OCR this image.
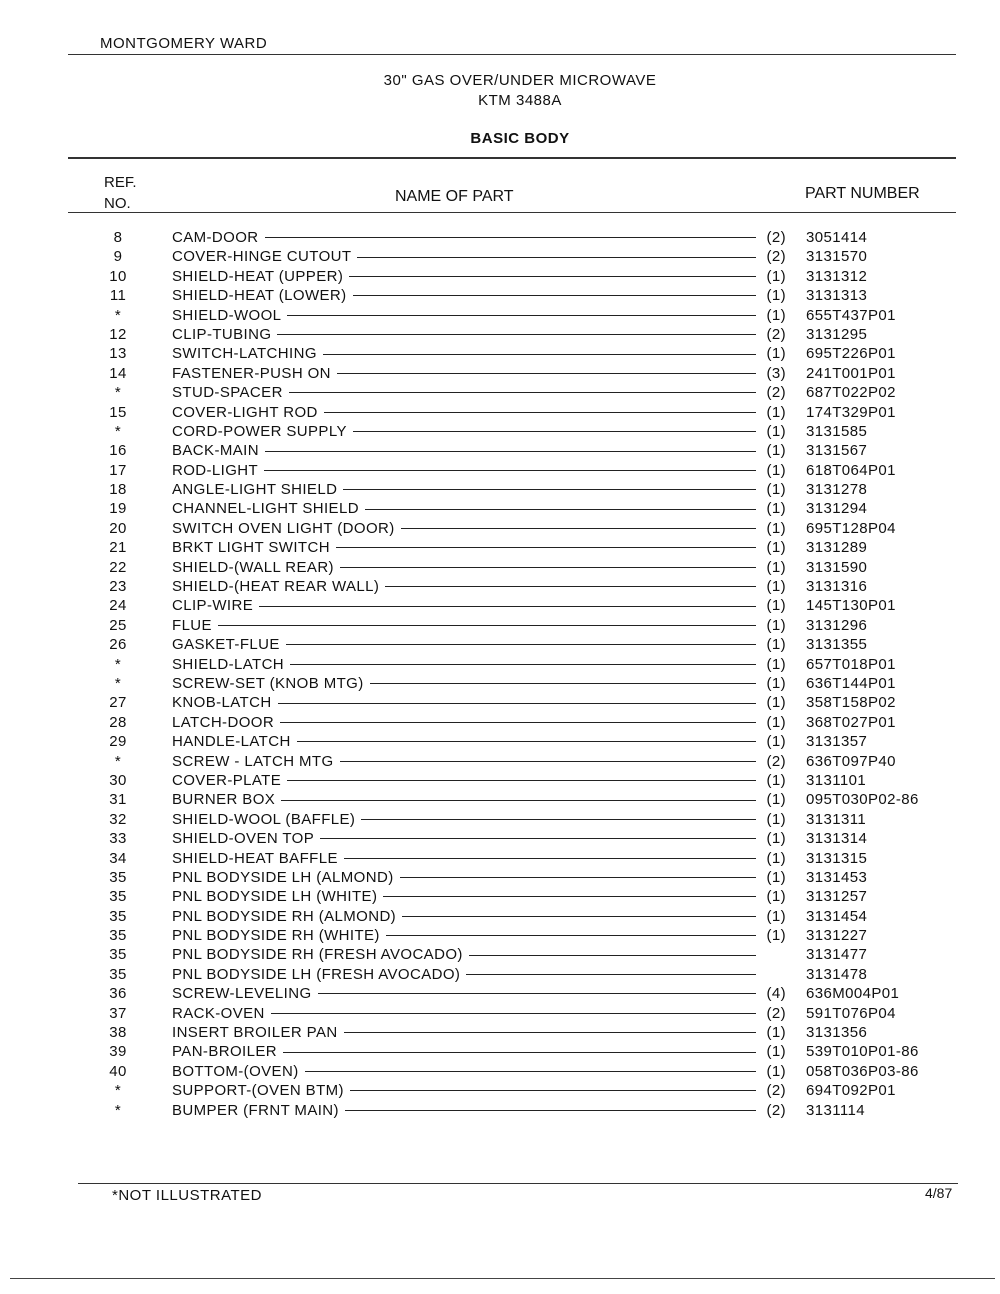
MONTGOMERY WARD
30" GAS OVER/UNDER MICROWAVE
KTM 3488A
BASIC BODY
REF.
NO.	NAME OF PART	PART NUMBER
8	CAM-DOOR	(2) 3051414
9	COVER-HINGE CUTOUT	(2) 3131570
10	SHIELD-HEAT (UPPER)	(1) 3131312
11	SHIELD-HEAT (LOWER)	(1) 3131313
*	SHIELD-WOOL	(1) 655T437P01
12	CLIP-TUBING	(2) 3131295
13	SWITCH-LATCHING	(1) 695T226P01
14	FASTENER-PUSH ON	(3) 241T001P01
*	STUD-SPACER	(2) 687T022P02
15	COVER-LIGHT ROD	(1) 174T329P01
*	CORD-POWER SUPPLY	(1) 3131585
16	BACK-MAIN	(1) 3131567
17	ROD-LIGHT	(1) 618T064P01
18	ANGLE-LIGHT SHIELD	(1) 3131278
19	CHANNEL-LIGHT SHIELD	(1) 3131294
20	SWITCH OVEN LIGHT (DOOR)	(1) 695T128P04
21	BRKT LIGHT SWITCH	(1) 3131289
22	SHIELD-(WALL REAR)	(1) 3131590
23	SHIELD-(HEAT REAR WALL)	(1) 3131316
24	CLIP-WIRE	(1) 145T130P01
25	FLUE	(1) 3131296
26	GASKET-FLUE	(1) 3131355
*	SHIELD-LATCH	(1) 657T018P01
*	SCREW-SET (KNOB MTG)	(1) 636T144P01
27	KNOB-LATCH	(1) 358T158P02
28	LATCH-DOOR	(1) 368T027P01
29	HANDLE-LATCH	(1) 3131357
*	SCREW - LATCH MTG	(2) 636T097P40
30	COVER-PLATE	(1) 3131101
31	BURNER BOX	(1) 095T030P02-86
32	SHIELD-WOOL (BAFFLE)	(1) 3131311
33	SHIELD-OVEN TOP	(1) 3131314
34	SHIELD-HEAT BAFFLE	(1) 3131315
35	PNL BODYSIDE LH (ALMOND)	(1) 3131453
35	PNL BODYSIDE LH (WHITE)	(1) 3131257
35	PNL BODYSIDE RH (ALMOND)	(1) 3131454
35	PNL BODYSIDE RH (WHITE)	(1) 3131227
35	PNL BODYSIDE RH (FRESH AVOCADO)	3131477
35	PNL BODYSIDE LH (FRESH AVOCADO)	3131478
36	SCREW-LEVELING	(4) 636M004P01
37	RACK-OVEN	(2) 591T076P04
38	INSERT BROILER PAN	(1) 3131356
39	PAN-BROILER	(1) 539T010P01-86
40	BOTTOM-(OVEN)	(1) 058T036P03-86
*	SUPPORT-(OVEN BTM)	(2) 694T092P01
*	BUMPER (FRNT MAIN)	(2) 3131114
*NOT ILLUSTRATED	4/87
